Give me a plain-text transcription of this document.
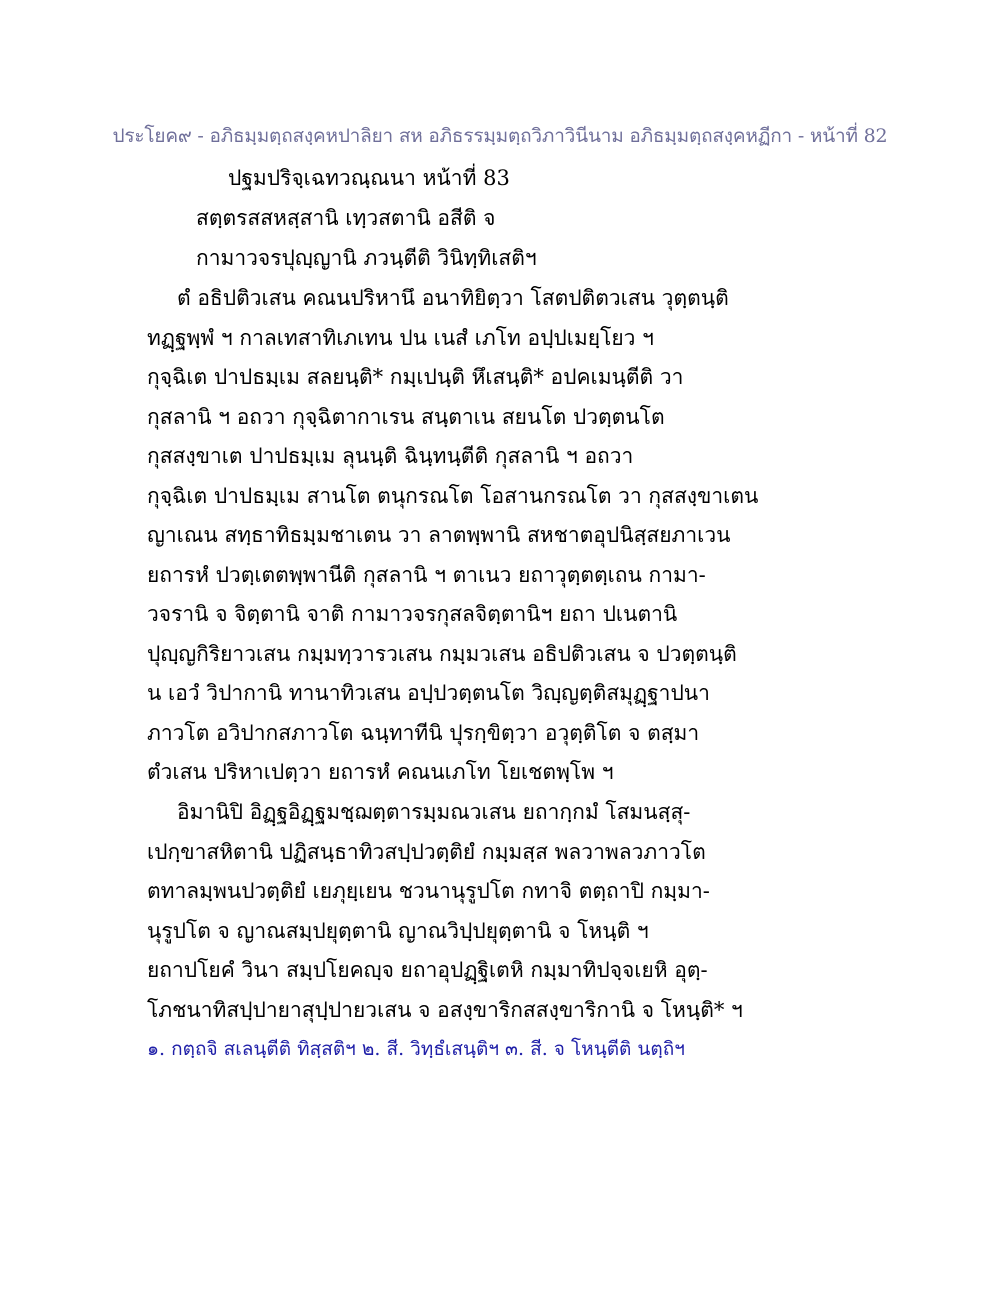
ประโยค๙ - อภิธมฺมตฺถสงฺคหปาลิยา สห อภิธรรมฺมตฺถวิภาวินีนาม อภิธมฺมตฺถสงฺคหฏีกา - หน้าที่ 82
ปฐมปริจฺเฉทวณฺณนา หน้าที่ 83
สตฺตรสสหสฺสานิ เทฺวสตานิ อสีติ จ
กามาวจรปุญฺญานิ ภวนฺตีติ วินิทฺทิเสติฯ
ตํ อธิปติวเสน คณนปริหานึ อนาทิยิตฺวา โสตปติตวเสน วุตฺตนฺติ
ทฏฺฐพฺพํ ฯ กาลเทสาทิเภเทน ปน เนสํ เภโท อปฺปเมยฺโยว ฯ
กุจฺฉิเต ปาปธมฺเม สลยนฺติ* กมฺเปนฺติ หึเสนฺติ* อปคเมนฺตีติ วา
กุสลานิ ฯ อถวา กุจฺฉิตากาเรน สนฺตาเน สยนโต ปวตฺตนโต
กุสสงฺขาเต ปาปธมฺเม ลุนนฺติ ฉินฺทนฺตีติ กุสลานิ ฯ อถวา
กุจฺฉิเต ปาปธมฺเม สานโต ตนุกรณโต โอสานกรณโต วา กุสสงฺขาเตน
ญาเณน สทฺธาทิธมฺมชาเตน วา ลาตพฺพานิ สหชาตอุปนิสฺสยภาเวน
ยถารหํ ปวตฺเตตพฺพานีติ กุสลานิ ฯ ตาเนว ยถาวุตฺตตฺเถน กามา-
วจรานิ จ จิตฺตานิ จาติ กามาวจรกุสลจิตฺตานิฯ ยถา ปเนตานิ
ปุญฺญกิริยาวเสน กมฺมทฺวารวเสน กมฺมวเสน อธิปติวเสน จ ปวตฺตนฺติ
น เอวํ วิปากานิ ทานาทิวเสน อปฺปวตฺตนโต วิญฺญตฺติสมุฏฺฐาปนา
ภาวโต อวิปากสภาวโต ฉนฺทาทีนิ ปุรกฺขิตฺวา อวุตฺติโต จ ตสฺมา
ตํวเสน ปริหาเปตฺวา ยถารหํ คณนเภโท โยเชตพฺโพ ฯ
อิมานิปิ อิฏฺฐอิฏฺฐมชฺฌตฺตารมฺมณวเสน ยถากฺกมํ โสมนสฺสุ-
เปกฺขาสหิตานิ ปฏิสนฺธาทิวสปฺปวตฺติยํ กมฺมสฺส พลวาพลวภาวโต
ตทาลมฺพนปวตฺติยํ เยภุยฺเยน ชวนานุรูปโต กทาจิ ตตฺถาปิ กมฺมา-
นุรูปโต จ ญาณสมฺปยุตฺตานิ ญาณวิปฺปยุตฺตานิ จ โหนฺติ ฯ
ยถาปโยคํ วินา สมฺปโยคญฺจ ยถาอุปฏฺฐิเตหิ กมฺมาทิปจฺจเยหิ อุตฺ-
โภชนาทิสปฺปายาสุปฺปายวเสน จ อสงฺขาริกสสงฺขาริกานิ จ โหนฺติ* ฯ
๑. กตฺถจิ สเลนฺตีติ ทิสฺสติฯ ๒. สี. วิทฺธํเสนฺติฯ ๓. สี. จ โหนฺตีติ นตฺถิฯ
